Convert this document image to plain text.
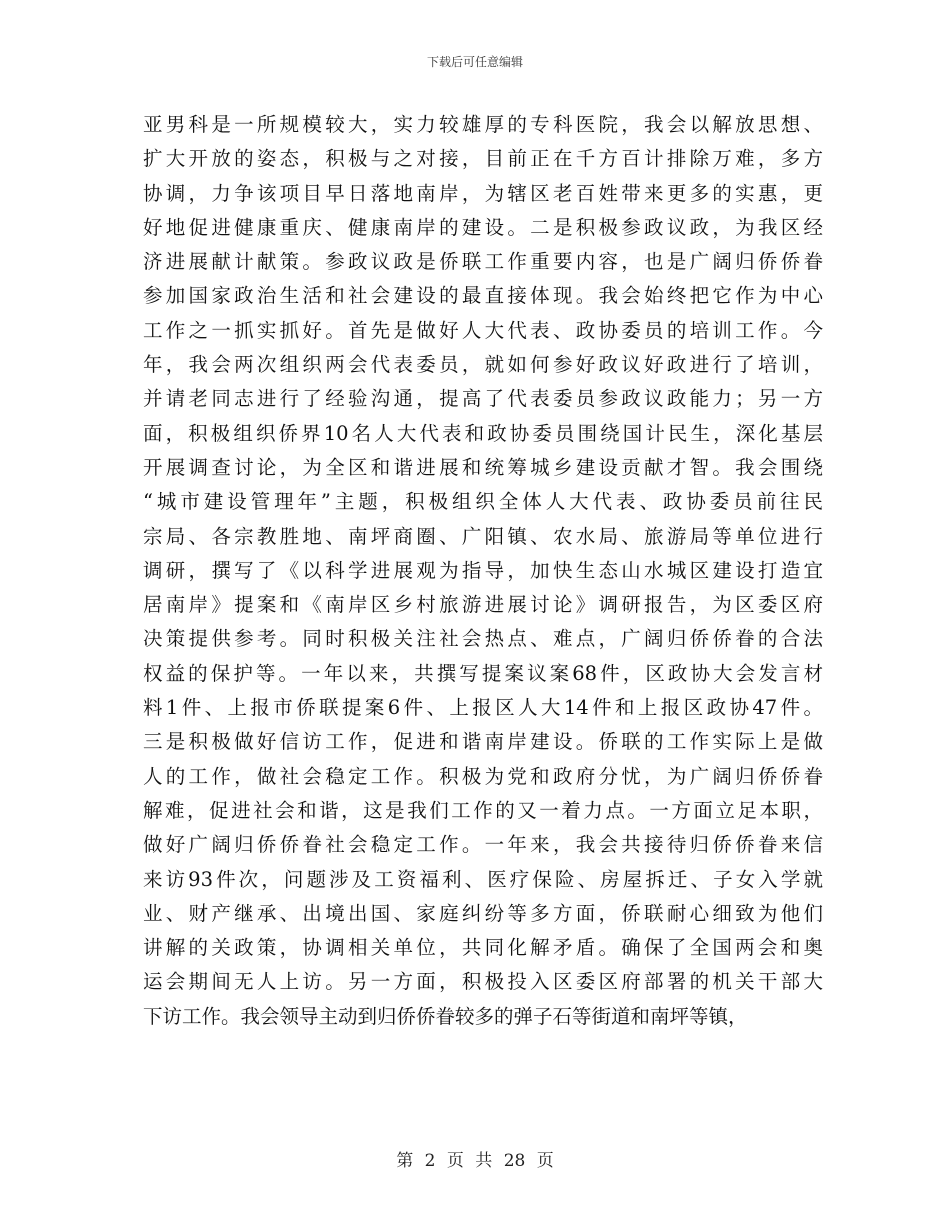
下载后可任意编辑
亚男科是一所规模较大，实力较雄厚的专科医院，我会以解放思想、
扩大开放的姿态，积极与之对接，目前正在千方百计排除万难，多方
协调，力争该项目早日落地南岸，为辖区老百姓带来更多的实惠，更
好地促进健康重庆、健康南岸的建设。二是积极参政议政，为我区经
济进展献计献策。参政议政是侨联工作重要内容，也是广阔归侨侨眷
参加国家政治生活和社会建设的最直接体现。我会始终把它作为中心
工作之一抓实抓好。首先是做好人大代表、政协委员的培训工作。今
年，我会两次组织两会代表委员，就如何参好政议好政进行了培训，
并请老同志进行了经验沟通，提高了代表委员参政议政能力；另一方
面，积极组织侨界10名人大代表和政协委员围绕国计民生，深化基层
开展调查讨论，为全区和谐进展和统筹城乡建设贡献才智。我会围绕
“城市建设管理年”主题，积极组织全体人大代表、政协委员前往民
宗局、各宗教胜地、南坪商圈、广阳镇、农水局、旅游局等单位进行
调研，撰写了《以科学进展观为指导，加快生态山水城区建设打造宜
居南岸》提案和《南岸区乡村旅游进展讨论》调研报告，为区委区府
决策提供参考。同时积极关注社会热点、难点，广阔归侨侨眷的合法
权益的保护等。一年以来，共撰写提案议案68件，区政协大会发言材
料1件、上报市侨联提案6件、上报区人大14件和上报区政协47件。
三是积极做好信访工作，促进和谐南岸建设。侨联的工作实际上是做
人的工作，做社会稳定工作。积极为党和政府分忧，为广阔归侨侨眷
解难，促进社会和谐，这是我们工作的又一着力点。一方面立足本职，
做好广阔归侨侨眷社会稳定工作。一年来，我会共接待归侨侨眷来信
来访93件次，问题涉及工资福利、医疗保险、房屋拆迁、子女入学就
业、财产继承、出境出国、家庭纠纷等多方面，侨联耐心细致为他们
讲解的关政策，协调相关单位，共同化解矛盾。确保了全国两会和奥
运会期间无人上访。另一方面，积极投入区委区府部署的机关干部大
下访工作。我会领导主动到归侨侨眷较多的弹子石等街道和南坪等镇，
第 2 页 共 28 页
